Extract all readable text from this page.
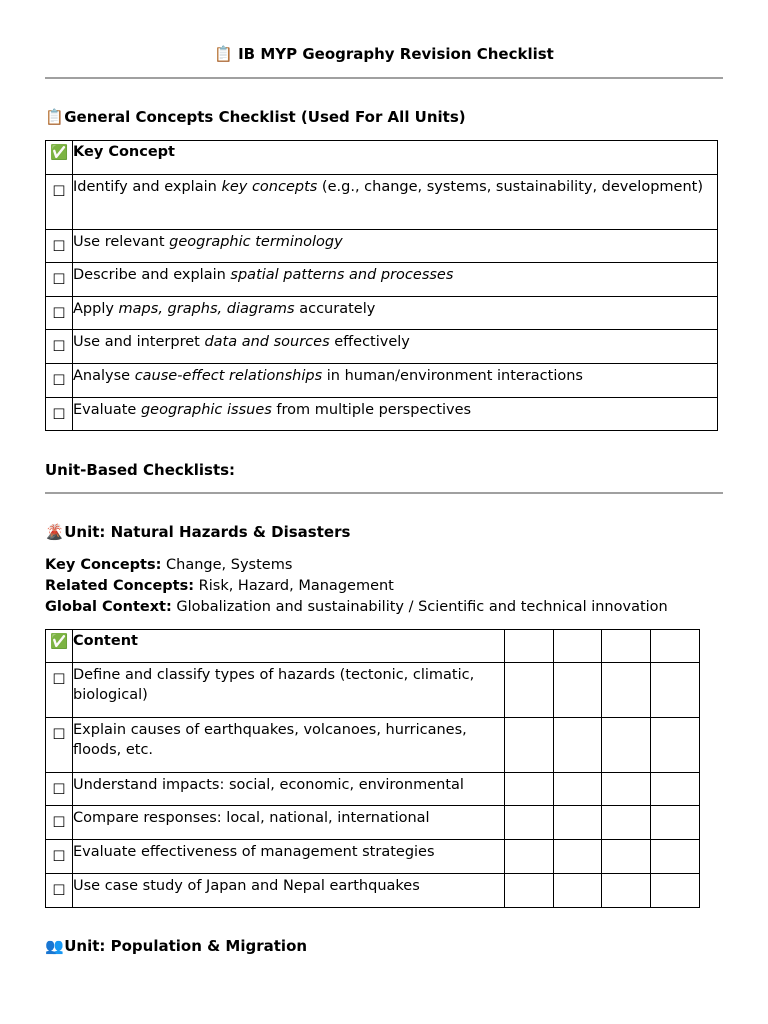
📋 IB MYP Geography Revision Checklist
📋 General Concepts Checklist (Used For All Units)
✅	Key Concept
☐	Identify and explain key concepts (e.g., change, systems, sustainability, development)
☐	Use relevant geographic terminology
☐	Describe and explain spatial patterns and processes
☐	Apply maps, graphs, diagrams accurately
☐	Use and interpret data and sources effectively
☐	Analyse cause-effect relationships in human/environment interactions
☐	Evaluate geographic issues from multiple perspectives
Unit-Based Checklists:
🌋 Unit: Natural Hazards & Disasters
Key Concepts: Change, Systems
Related Concepts: Risk, Hazard, Management
Global Context: Globalization and sustainability / Scientific and technical innovation
✅	Content				
☐	Define and classify types of hazards (tectonic, climatic, biological)				
☐	Explain causes of earthquakes, volcanoes, hurricanes, floods, etc.				
☐	Understand impacts: social, economic, environmental				
☐	Compare responses: local, national, international				
☐	Evaluate effectiveness of management strategies				
☐	Use case study of Japan and Nepal earthquakes				
👥 Unit: Population & Migration
